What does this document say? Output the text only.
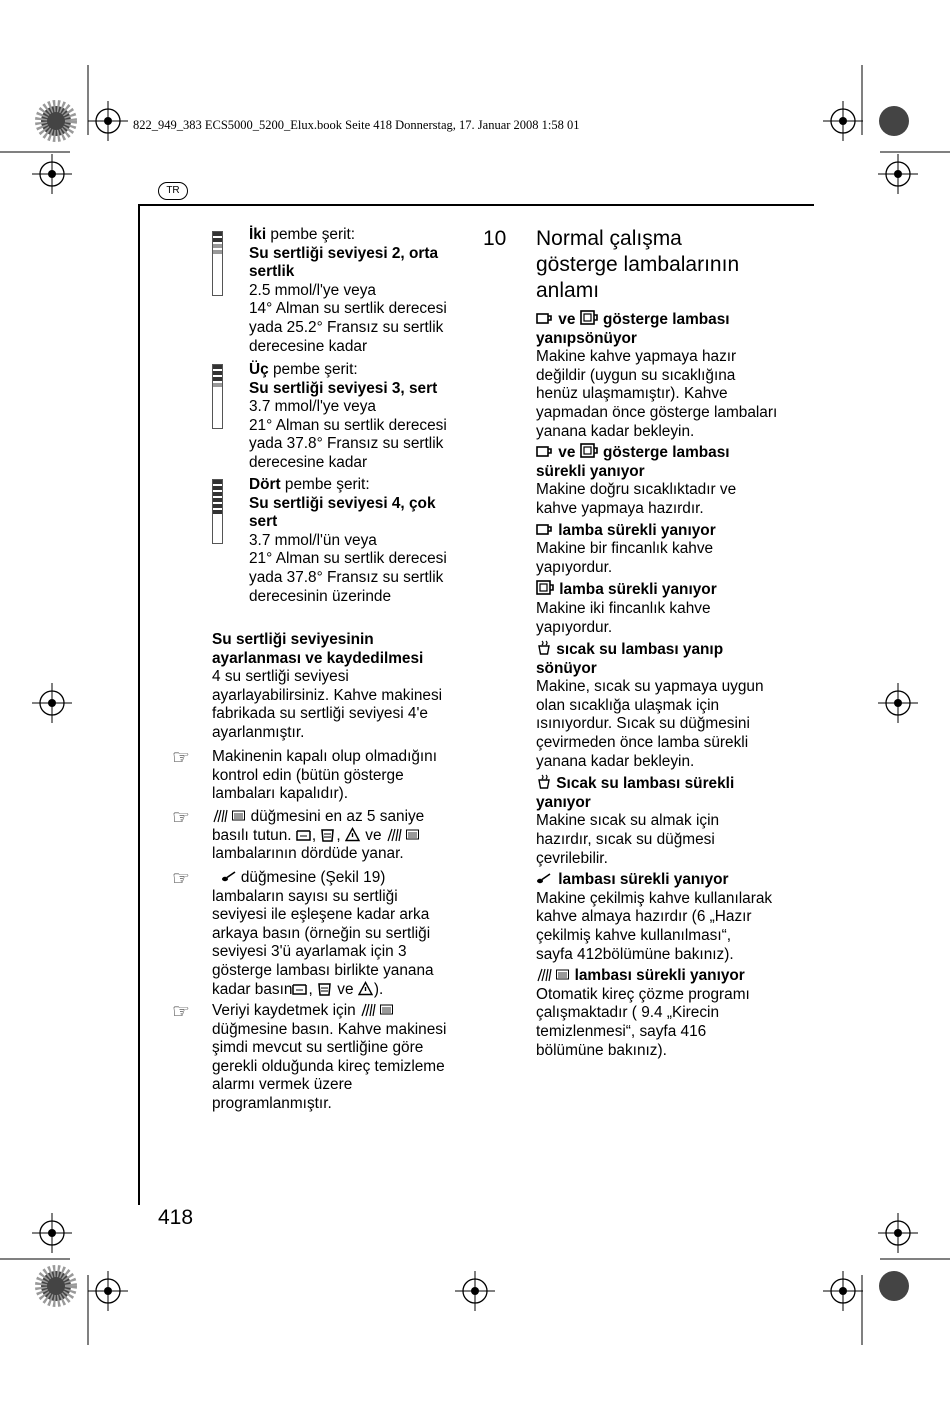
822_949_383 ECS5000_5200_Elux.book Seite 418 Donnerstag, 17. Januar 2008 1:58 01
TR
İki pembe şerit:
Su sertliği seviyesi 2, orta
sertlik
2.5 mmol/l'ye veya
14° Alman su sertlik derecesi
yada 25.2° Fransız su sertlik
derecesine kadar
Üç pembe şerit:
Su sertliği seviyesi 3, sert
3.7 mmol/l'ye veya
21° Alman su sertlik derecesi
yada 37.8° Fransız su sertlik
derecesine kadar
Dört pembe şerit:
Su sertliği seviyesi 4, çok
sert
3.7 mmol/l'ün veya
21° Alman su sertlik derecesi
yada 37.8° Fransız su sertlik
derecesinin üzerinde
Su sertliği seviyesinin
ayarlanması ve kaydedilmesi
4 su sertliği seviyesi
ayarlayabilirsiniz. Kahve makinesi
fabrikada su sertliği seviyesi 4'e
ayarlanmıştır.
☞ Makinenin kapalı olup olmadığını
kontrol edin (bütün gösterge
lambaları kapalıdır).
☞	düğmesini en az 5 saniye
basılı tutun. , , ve
lambalarının dördüde yanar.
☞	düğmesine (Şekil 19)
lambaların sayısı su sertliği
seviyesi ile eşleşene kadar arka
arkaya basın (örneğin su sertliği
seviyesi 3'ü ayarlamak için 3
gösterge lambası birlikte yanana
kadar basın , ve ).
☞ Veriyi kaydetmek için
düğmesine basın. Kahve makinesi
şimdi mevcut su sertliğine göre
gerekli olduğunda kireç temizleme
alarmı vermek üzere
programlanmıştır.
10 Normal çalışma
gösterge lambalarının
anlamı
ve gösterge lambası
yanıpsönüyor
Makine kahve yapmaya hazır
değildir (uygun su sıcaklığına
henüz ulaşmamıştır). Kahve
yapmadan önce gösterge lambaları
yanana kadar bekleyin.
ve gösterge lambası
sürekli yanıyor
Makine doğru sıcaklıktadır ve
kahve yapmaya hazırdır.
lamba sürekli yanıyor
Makine bir fincanlık kahve
yapıyordur.
lamba sürekli yanıyor
Makine iki fincanlık kahve
yapıyordur.
sıcak su lambası yanıp
sönüyor
Makine, sıcak su yapmaya uygun
olan sıcaklığa ulaşmak için
ısınıyordur. Sıcak su düğmesini
çevirmeden önce lamba sürekli
yanana kadar bekleyin.
Sıcak su lambası sürekli
yanıyor
Makine sıcak su almak için
hazırdır, sıcak su düğmesi
çevrilebilir.
lambası sürekli yanıyor
Makine çekilmiş kahve kullanılarak
kahve almaya hazırdır (6 „Hazır
çekilmiş kahve kullanılması“,
sayfa 412bölümüne bakınız).
lambası sürekli yanıyor
Otomatik kireç çözme programı
çalışmaktadır ( 9.4 „Kirecin
temizlenmesi“, sayfa 416
bölümüne bakınız).
418
